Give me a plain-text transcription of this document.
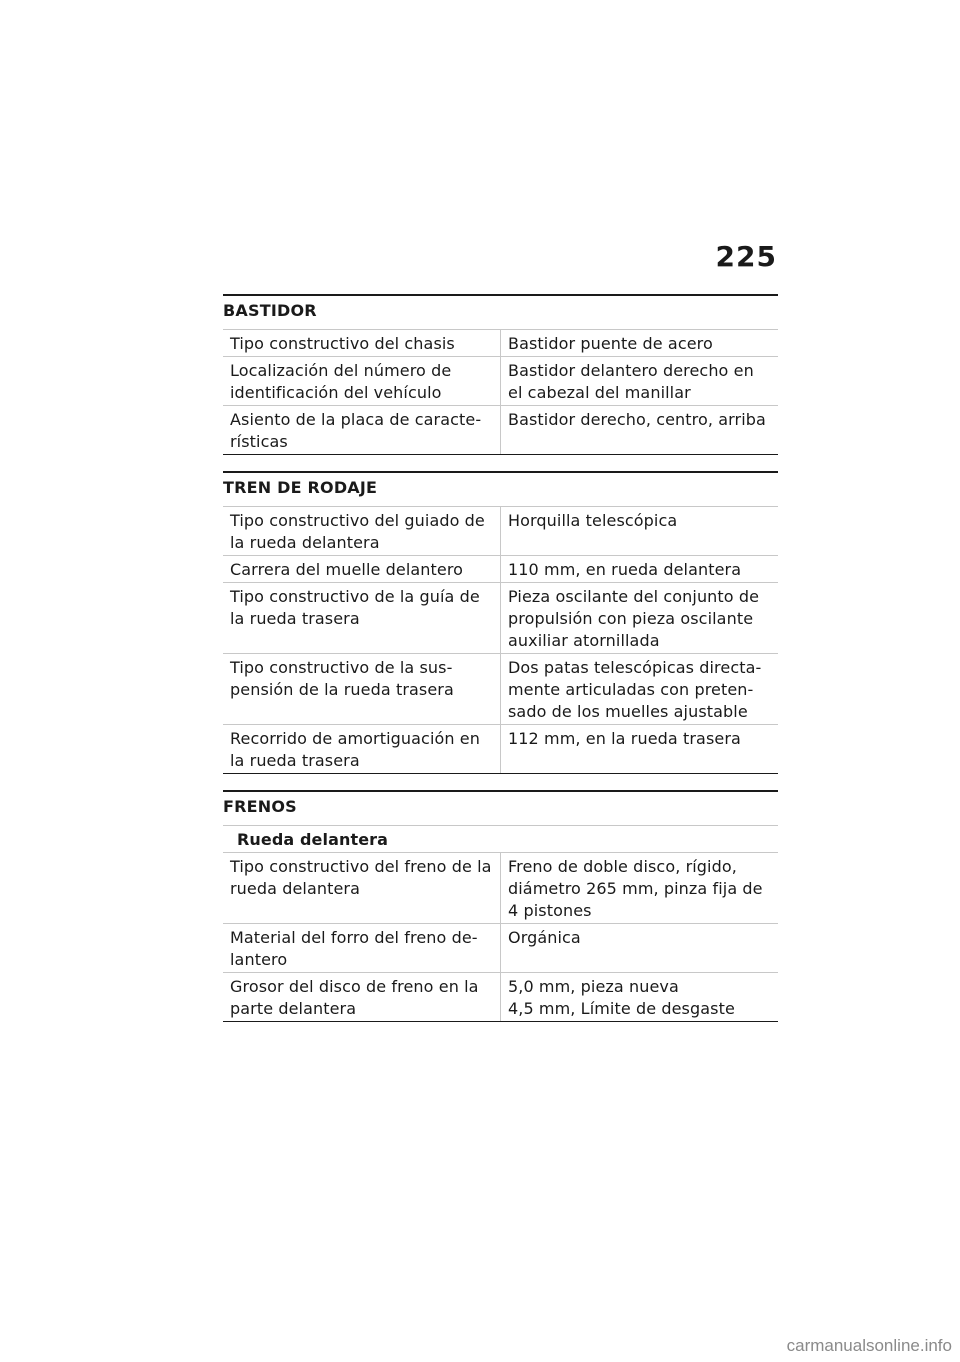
225
BASTIDOR
Tipo constructivo del chasis	Bastidor puente de acero
Localización del número de identificación del vehículo	Bastidor delantero derecho en el cabezal del manillar
Asiento de la placa de caracte-rísticas	Bastidor derecho, centro, arriba
TREN DE RODAJE
Tipo constructivo del guiado de la rueda delantera	Horquilla telescópica
Carrera del muelle delantero	110 mm, en rueda delantera
Tipo constructivo de la guía de la rueda trasera	Pieza oscilante del conjunto de propulsión con pieza oscilante auxiliar atornillada
Tipo constructivo de la sus-pensión de la rueda trasera	Dos patas telescópicas directa-mente articuladas con preten-sado de los muelles ajustable
Recorrido de amortiguación en la rueda trasera	112 mm, en la rueda trasera
FRENOS
Rueda delantera	
Tipo constructivo del freno de la rueda delantera	Freno de doble disco, rígido, diámetro 265 mm, pinza fija de 4 pistones
Material del forro del freno de-lantero	Orgánica
Grosor del disco de freno en la parte delantera	5,0 mm, pieza nueva
4,5 mm, Límite de desgaste
carmanualsonline.info
